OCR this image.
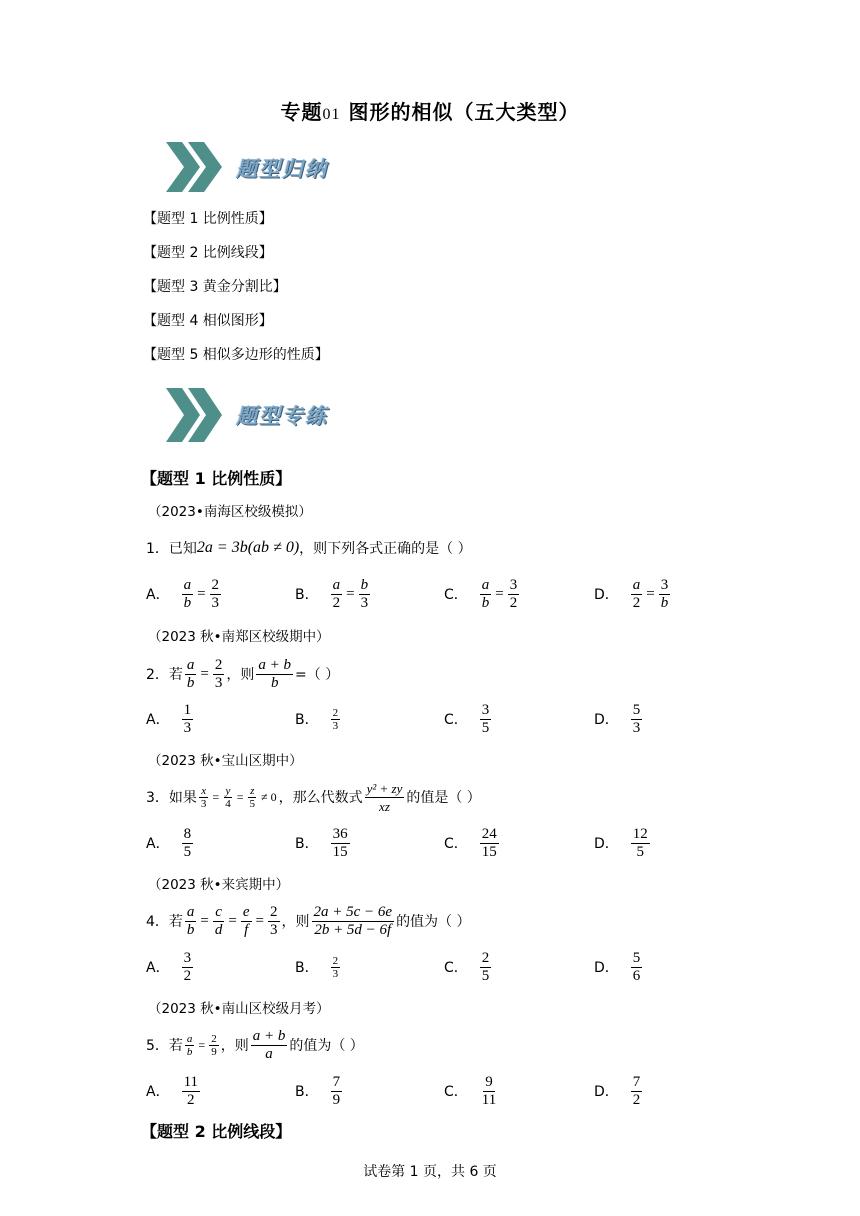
专题01 图形的相似（五大类型）
题型归纳
【题型 1 比例性质】
【题型 2 比例线段】
【题型 3 黄金分割比】
【题型 4 相似图形】
【题型 5 相似多边形的性质】
题型专练
【题型 1 比例性质】
（2023•南海区校级模拟）
1． 已知 2a = 3b(ab ≠ 0) ，则下列各式正确的是（ ）
A． $\frac{a}{b} = \frac{2}{3}$	B． $\frac{a}{2} = \frac{b}{3}$	C． $\frac{a}{b} = \frac{3}{2}$	D． $\frac{a}{2} = \frac{3}{b}$
（2023 秋•南郑区校级期中）
2． 若 $\frac{a}{b} = \frac{2}{3}$ ，则 $\frac{a + b}{b}$ =（ ）
A． $\frac{1}{3}$	B． $\frac{2}{3}$	C． $\frac{3}{5}$	D． $\frac{5}{3}$
（2023 秋•宝山区期中）
3． 如果 $\frac{x}{3} = \frac{y}{4} = \frac{z}{5} \ne 0$ ，那么代数式 $\frac{\text{y² + zy}}{xz}$ 的值是（ ）
A． $\frac{8}{5}$	B． $\frac{36}{15}$	C． $\frac{24}{15}$	D． $\frac{12}{5}$
（2023 秋•来宾期中）
4． 若 $\frac{a}{b} = \frac{c}{d} = \frac{e}{f} = \frac{2}{3}$ ，则 $\frac{2a + 5c - 6e}{2b + 5d - 6f}$ 的值为（ ）
A． $\frac{3}{2}$	B． $\frac{2}{3}$	C． $\frac{2}{5}$	D． $\frac{5}{6}$
（2023 秋•南山区校级月考）
5． 若 $\frac{a}{b} = \frac{2}{9}$ ，则 $\frac{a + b}{a}$ 的值为（ ）
A． $\frac{11}{2}$	B． $\frac{7}{9}$	C． $\frac{9}{11}$	D． $\frac{7}{2}$
【题型 2 比例线段】
试卷第 1 页，共 6 页
